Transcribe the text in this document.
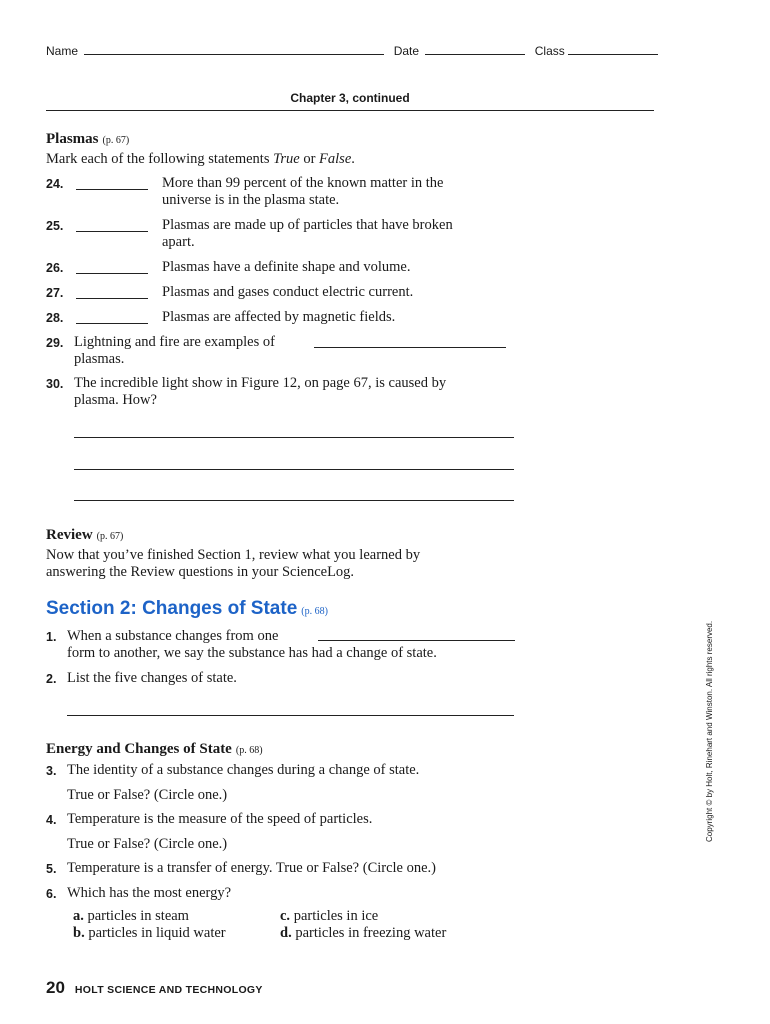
Name	Date	Class
Chapter 3, continued
Plasmas (p. 67)
Mark each of the following statements True or False.
24.	More than 99 percent of the known matter in the
universe is in the plasma state.
25.	Plasmas are made up of particles that have broken
apart.
26.	Plasmas have a definite shape and volume.
27.	Plasmas and gases conduct electric current.
28.	Plasmas are affected by magnetic fields.
29. Lightning and fire are examples of
plasmas.
30. The incredible light show in Figure 12, on page 67, is caused by
plasma. How?
Review (p. 67)
Now that you’ve finished Section 1, review what you learned by
answering the Review questions in your ScienceLog.
Section 2: Changes of State (p. 68)
1. When a substance changes from one
form to another, we say the substance has had a change of state.
2. List the five changes of state.
Energy and Changes of State (p. 68)
3. The identity of a substance changes during a change of state.
True or False? (Circle one.)
4. Temperature is the measure of the speed of particles.
True or False? (Circle one.)
5. Temperature is a transfer of energy. True or False? (Circle one.)
6. Which has the most energy?
a. particles in steam
b. particles in liquid water
c. particles in ice
d. particles in freezing water
Copyright © by Holt, Rinehart and Winston. All rights reserved.
20 HOLT SCIENCE AND TECHNOLOGY
